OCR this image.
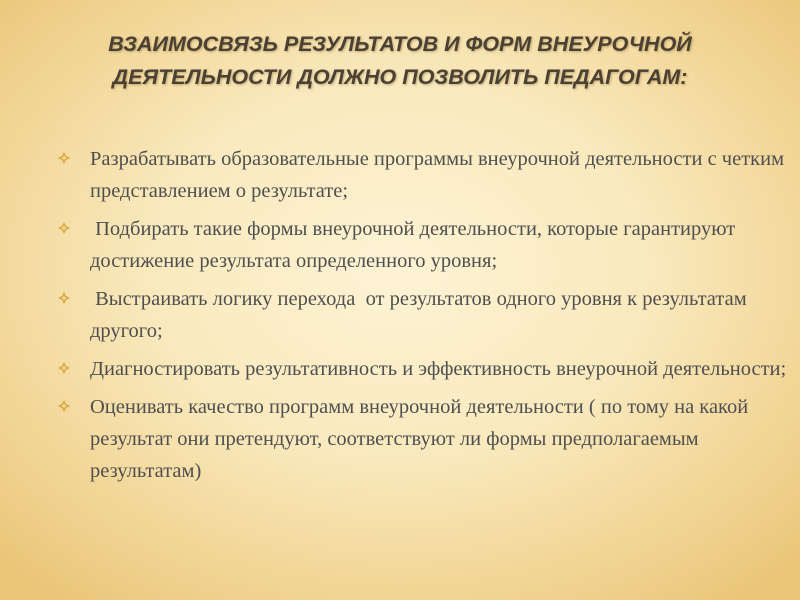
ВЗАИМОСВЯЗЬ РЕЗУЛЬТАТОВ И ФОРМ ВНЕУРОЧНОЙ
ДЕЯТЕЛЬНОСТИ ДОЛЖНО ПОЗВОЛИТЬ ПЕДАГОГАМ:
Разрабатывать образовательные программы внеурочной деятельности с четким представлением о результате;
Подбирать такие формы внеурочной деятельности, которые гарантируют достижение результата определенного уровня;
Выстраивать логику перехода  от результатов одного уровня к результатам другого;
Диагностировать результативность и эффективность внеурочной деятельности;
Оценивать качество программ внеурочной деятельности ( по тому на какой результат они претендуют, соответствуют ли формы предполагаемым результатам)
